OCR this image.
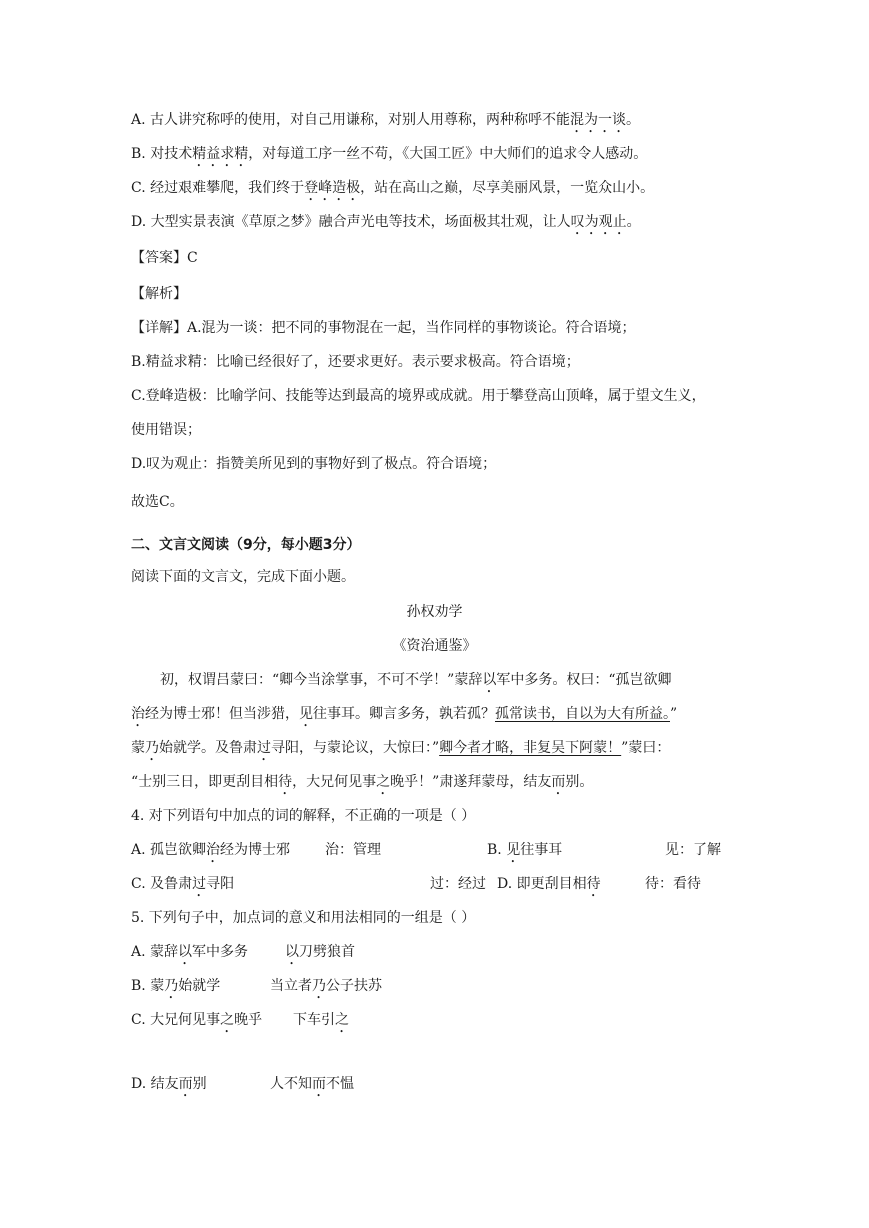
A. 古人讲究称呼的使用，对自己用谦称，对别人用尊称，两种称呼不能混为一谈。
B. 对技术精益求精，对每道工序一丝不苟，《大国工匠》中大师们的追求令人感动。
C. 经过艰难攀爬，我们终于登峰造极，站在高山之巅，尽享美丽风景，一览众山小。
D. 大型实景表演《草原之梦》融合声光电等技术，场面极其壮观，让人叹为观止。
【答案】C
【解析】
【详解】A.混为一谈：把不同的事物混在一起，当作同样的事物谈论。符合语境；
B.精益求精：比喻已经很好了，还要求更好。表示要求极高。符合语境；
C.登峰造极：比喻学问、技能等达到最高的境界或成就。用于攀登高山顶峰，属于望文生义，
使用错误；
D.叹为观止：指赞美所见到的事物好到了极点。符合语境；
故选C。
二、文言文阅读（9分，每小题3分）
阅读下面的文言文，完成下面小题。
孙权劝学
《资治通鉴》
初，权谓吕蒙曰：“卿今当涂掌事，不可不学！”蒙辞以军中多务。权曰：“孤岂欲卿
治经为博士邪！但当涉猎，见往事耳。卿言多务，孰若孤？孤常读书，自以为大有所益。”
蒙乃始就学。及鲁肃过寻阳，与蒙论议，大惊曰：”卿今者才略，非复吴下阿蒙！”蒙曰：
“士别三日，即更刮目相待，大兄何见事之晚乎！”肃遂拜蒙母，结友而别。
4. 对下列语句中加点的词的解释，不正确的一项是（ ）
A. 孤岂欲卿治经为博士邪 治：管理	B. 见往事耳	见：了解
C. 及鲁肃过寻阳	过：经过 D. 即更刮目相待	待：看待
5. 下列句子中，加点词的意义和用法相同的一组是（ ）
A. 蒙辞以军中多务	以刀劈狼首
B. 蒙乃始就学	当立者乃公子扶苏
C. 大兄何见事之晚乎 下车引之
D. 结友而别	人不知而不愠
